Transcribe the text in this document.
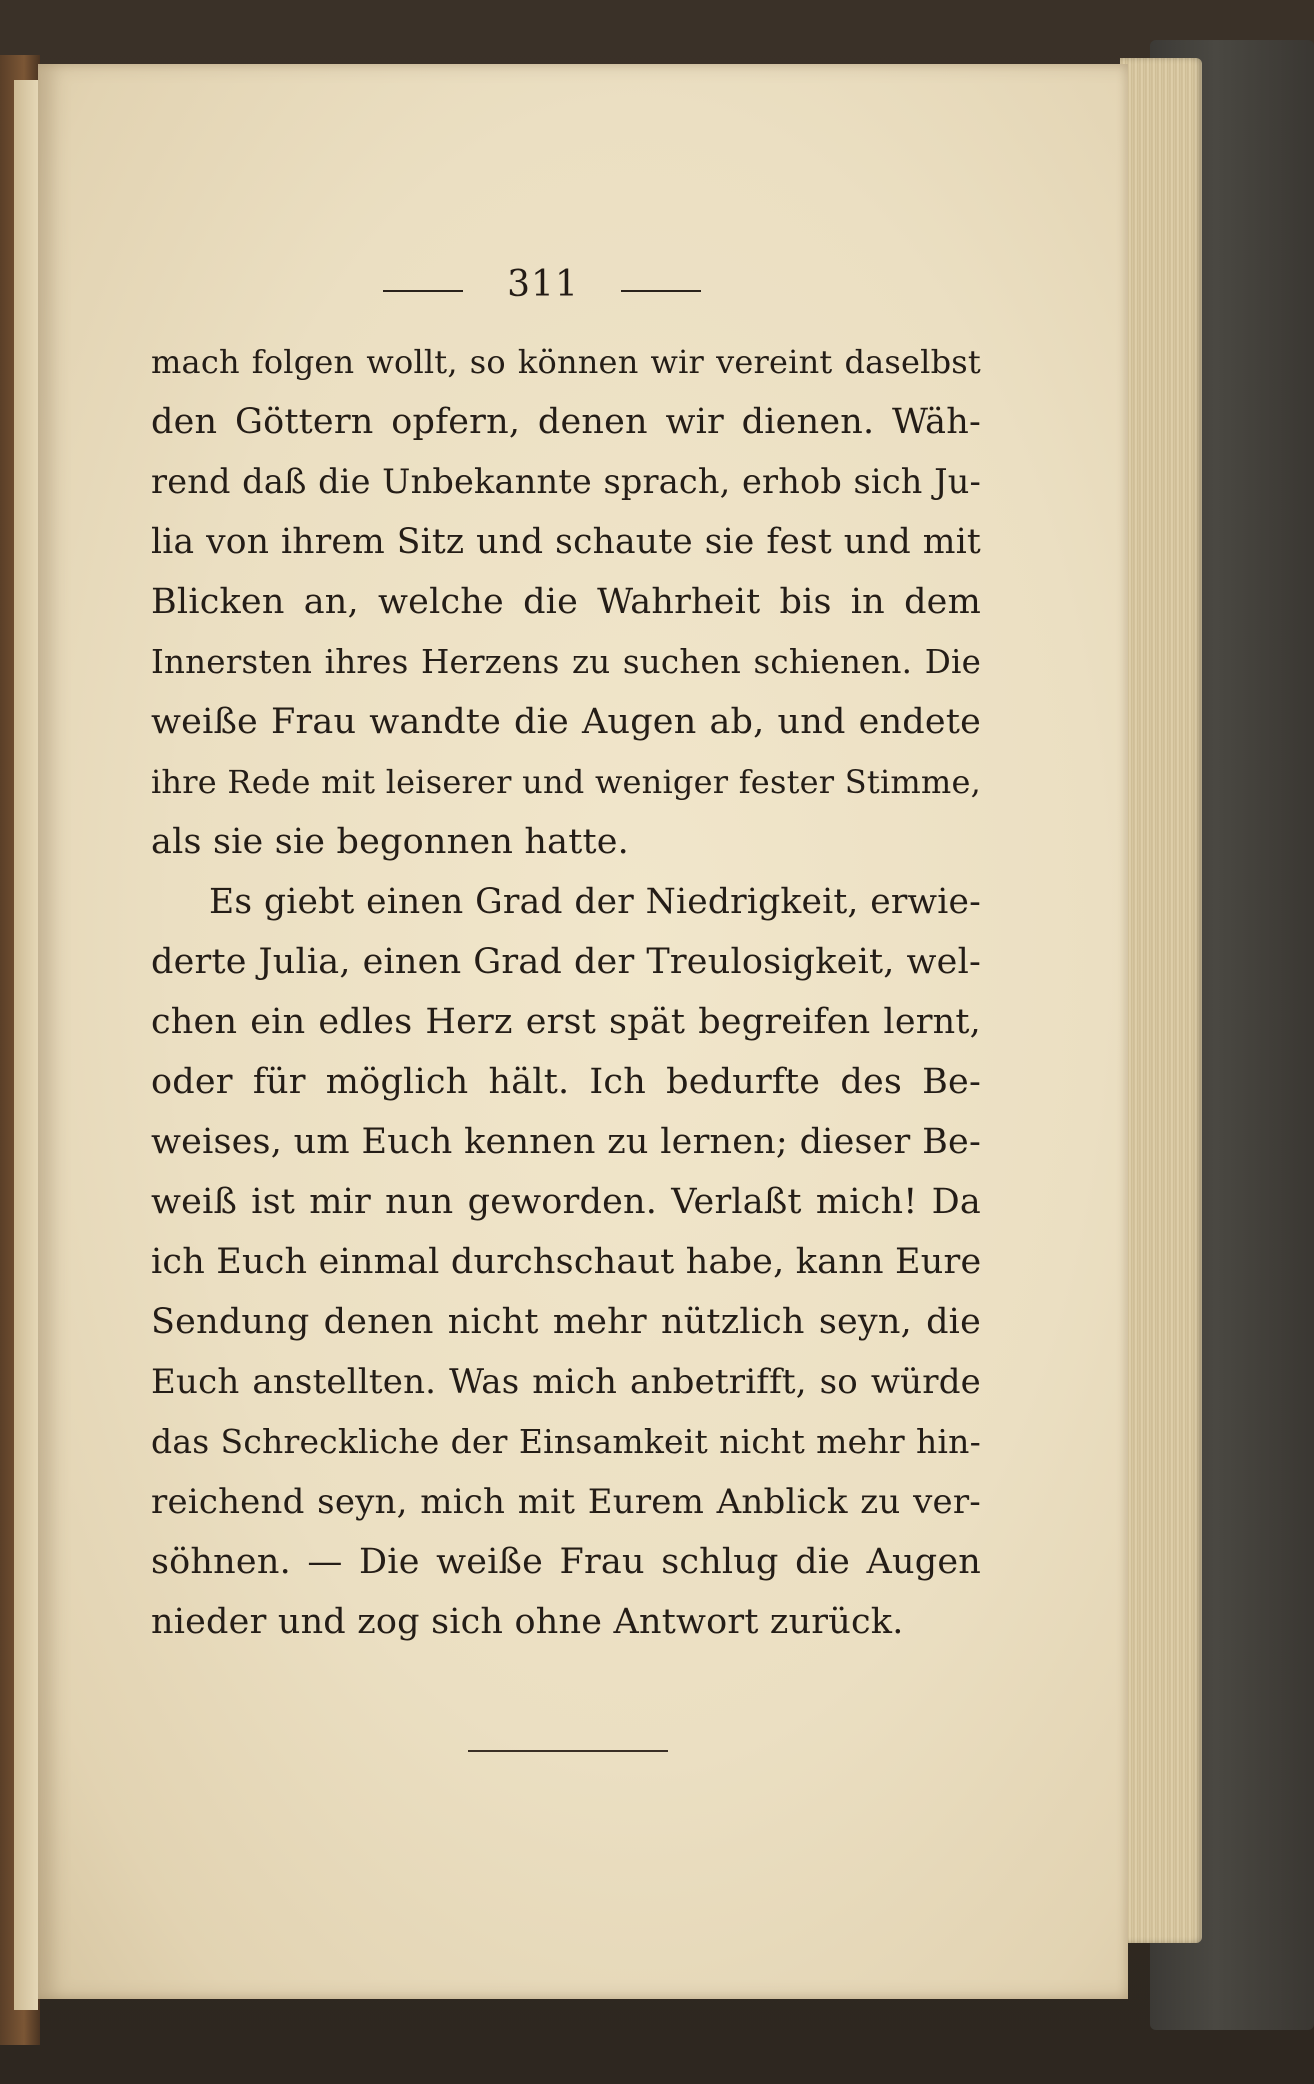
311
mach folgen wollt, so können wir vereint daselbst
den Göttern opfern, denen wir dienen. Wäh-
rend daß die Unbekannte sprach, erhob sich Ju-
lia von ihrem Sitz und schaute sie fest und mit
Blicken an, welche die Wahrheit bis in dem
Innersten ihres Herzens zu suchen schienen. Die
weiße Frau wandte die Augen ab, und endete
ihre Rede mit leiserer und weniger fester Stimme,
als sie sie begonnen hatte.
Es giebt einen Grad der Niedrigkeit, erwie-
derte Julia, einen Grad der Treulosigkeit, wel-
chen ein edles Herz erst spät begreifen lernt,
oder für möglich hält. Ich bedurfte des Be-
weises, um Euch kennen zu lernen; dieser Be-
weiß ist mir nun geworden. Verlaßt mich! Da
ich Euch einmal durchschaut habe, kann Eure
Sendung denen nicht mehr nützlich seyn, die
Euch anstellten. Was mich anbetrifft, so würde
das Schreckliche der Einsamkeit nicht mehr hin-
reichend seyn, mich mit Eurem Anblick zu ver-
söhnen. — Die weiße Frau schlug die Augen
nieder und zog sich ohne Antwort zurück.
